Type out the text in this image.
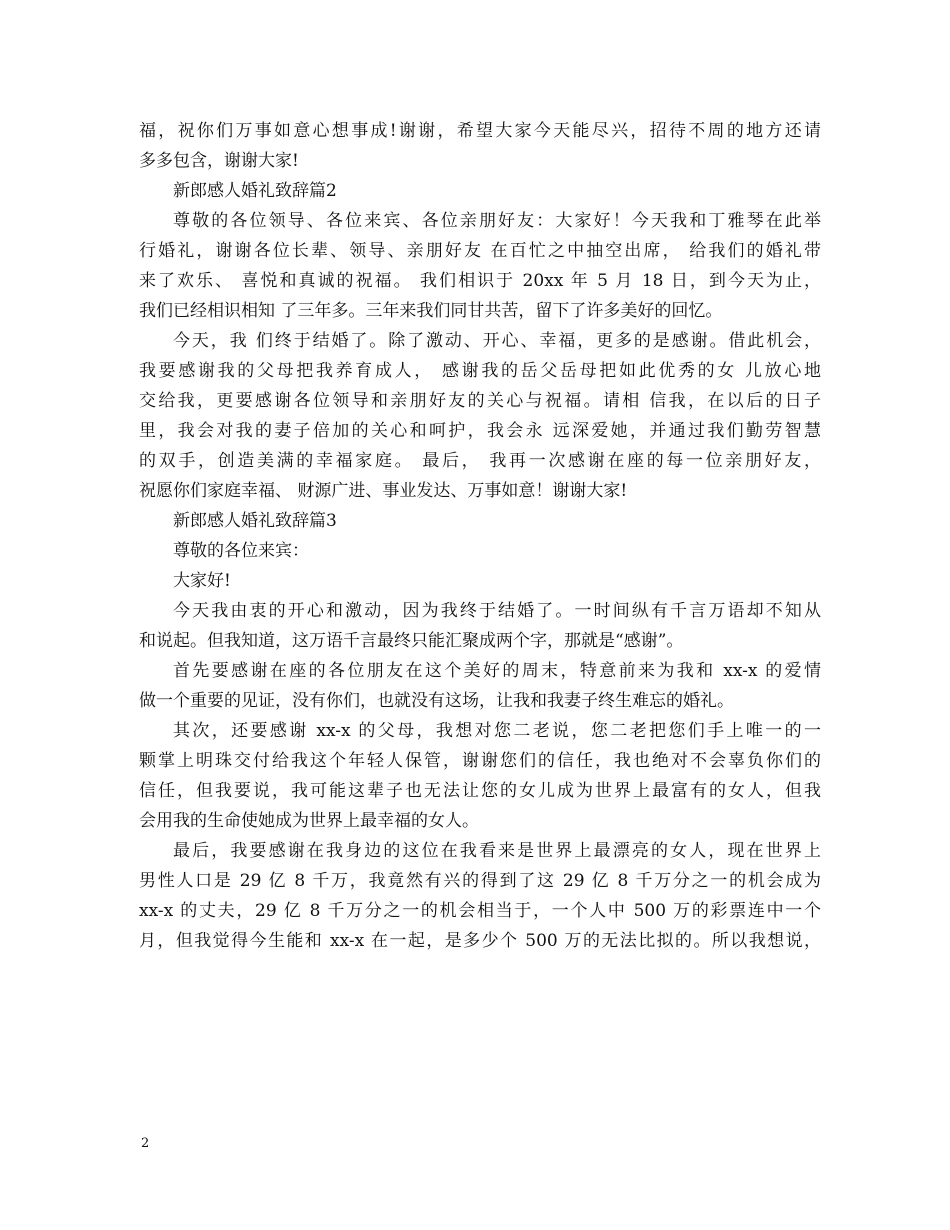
福，祝你们万事如意心想事成!谢谢，希望大家今天能尽兴，招待不周的地方还请
多多包含，谢谢大家!
新郎感人婚礼致辞篇2
尊敬的各位领导、各位来宾、各位亲朋好友：大家好！今天我和丁雅琴在此举
行婚礼，谢谢各位长辈、领导、亲朋好友 在百忙之中抽空出席， 给我们的婚礼带
来了欢乐、 喜悦和真诚的祝福。 我们相识于 20xx 年 5 月 18 日，到今天为止，
我们已经相识相知 了三年多。三年来我们同甘共苦，留下了许多美好的回忆。
今天，我 们终于结婚了。除了激动、开心、幸福，更多的是感谢。借此机会，
我要感谢我的父母把我养育成人， 感谢我的岳父岳母把如此优秀的女 儿放心地
交给我，更要感谢各位领导和亲朋好友的关心与祝福。请相 信我，在以后的日子
里，我会对我的妻子倍加的关心和呵护，我会永 远深爱她，并通过我们勤劳智慧
的双手，创造美满的幸福家庭。 最后， 我再一次感谢在座的每一位亲朋好友，
祝愿你们家庭幸福、 财源广进、事业发达、万事如意！谢谢大家!
新郎感人婚礼致辞篇3
尊敬的各位来宾：
大家好!
今天我由衷的开心和激动，因为我终于结婚了。一时间纵有千言万语却不知从
和说起。但我知道，这万语千言最终只能汇聚成两个字，那就是“感谢”。
首先要感谢在座的各位朋友在这个美好的周末，特意前来为我和 xx-x 的爱情
做一个重要的见证，没有你们，也就没有这场，让我和我妻子终生难忘的婚礼。
其次，还要感谢 xx-x 的父母，我想对您二老说，您二老把您们手上唯一的一
颗掌上明珠交付给我这个年轻人保管，谢谢您们的信任，我也绝对不会辜负你们的
信任，但我要说，我可能这辈子也无法让您的女儿成为世界上最富有的女人，但我
会用我的生命使她成为世界上最幸福的女人。
最后，我要感谢在我身边的这位在我看来是世界上最漂亮的女人，现在世界上
男性人口是 29 亿 8 千万，我竟然有兴的得到了这 29 亿 8 千万分之一的机会成为
xx-x 的丈夫，29 亿 8 千万分之一的机会相当于，一个人中 500 万的彩票连中一个
月，但我觉得今生能和 xx-x 在一起，是多少个 500 万的无法比拟的。所以我想说，
2
